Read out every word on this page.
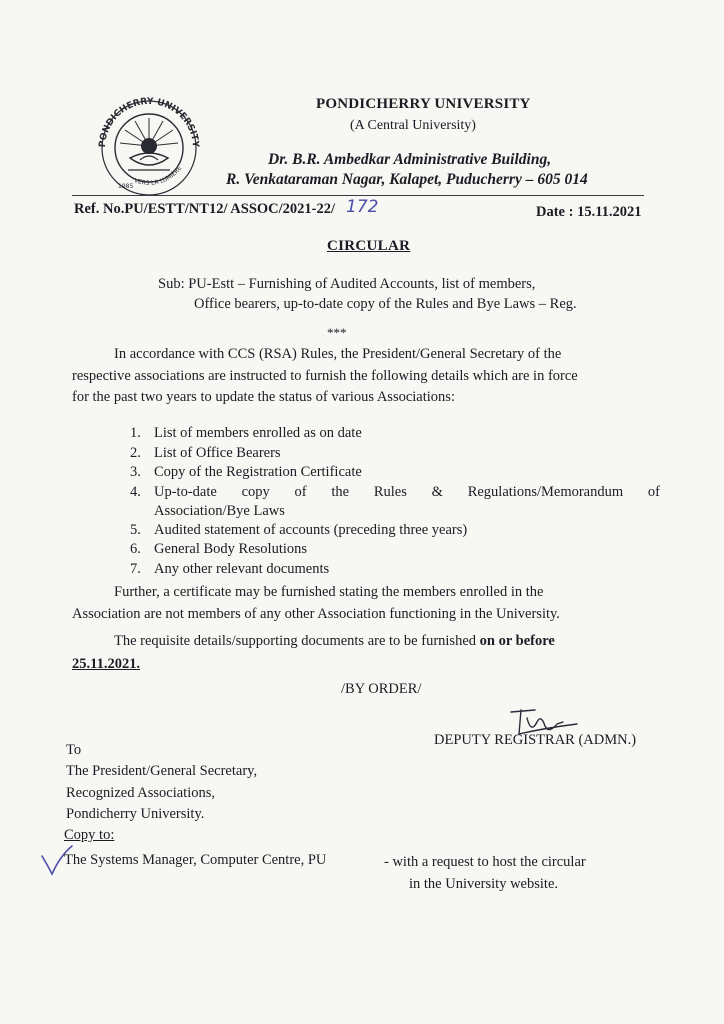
PONDICHERRY UNIVERSITY
VERS LA LUMIÈRE
1985
PONDICHERRY UNIVERSITY
(A Central University)
Dr. B.R. Ambedkar Administrative Building,
R. Venkataraman Nagar, Kalapet, Puducherry – 605 014
Ref. No.PU/ESTT/NT12/ ASSOC/2021-22/ 172	Date : 15.11.2021
CIRCULAR
Sub: PU-Estt – Furnishing of Audited Accounts, list of members,
Office bearers, up-to-date copy of the Rules and Bye Laws – Reg.
***
In accordance with CCS (RSA) Rules, the President/General Secretary of the
respective associations are instructed to furnish the following details which are in force
for the past two years to update the status of various Associations:
1. List of members enrolled as on date
2. List of Office Bearers
3. Copy of the Registration Certificate
4. Up-to-date copy of the Rules & Regulations/Memorandum of
Association/Bye Laws
5. Audited statement of accounts (preceding three years)
6. General Body Resolutions
7. Any other relevant documents
Further, a certificate may be furnished stating the members enrolled in the
Association are not members of any other Association functioning in the University.
The requisite details/supporting documents are to be furnished on or before
25.11.2021.
/BY ORDER/
DEPUTY REGISTRAR (ADMN.)
To
The President/General Secretary,
Recognized Associations,
Pondicherry University.
Copy to:
The Systems Manager, Computer Centre, PU	- with a request to host the circular
in the University website.
